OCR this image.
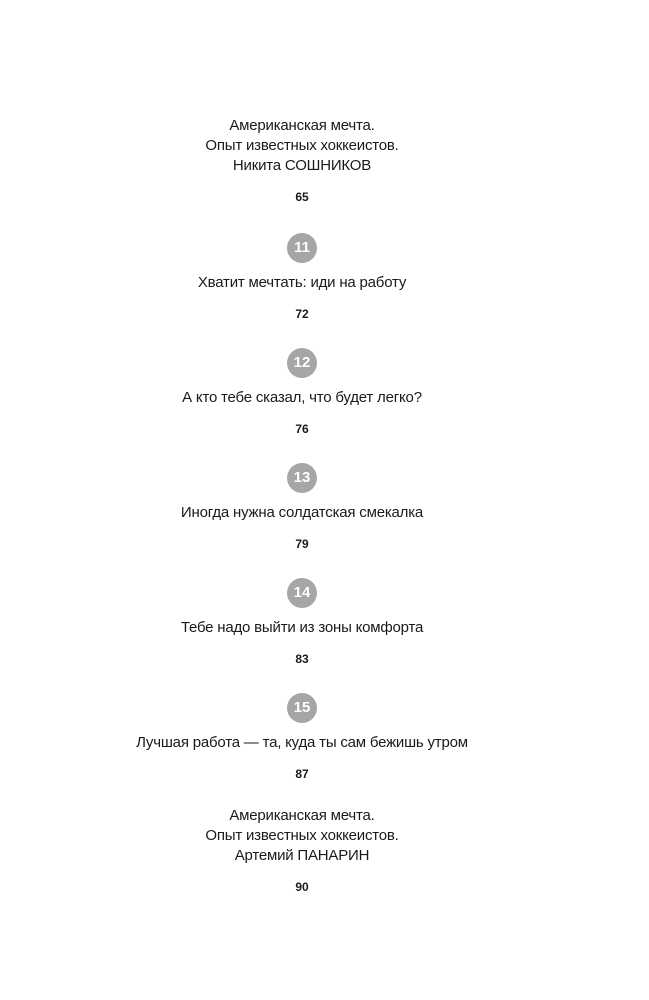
Американская мечта.
Опыт известных хоккеистов.
Никита СОШНИКОВ
65
11
Хватит мечтать: иди на работу
72
12
А кто тебе сказал, что будет легко?
76
13
Иногда нужна солдатская смекалка
79
14
Тебе надо выйти из зоны комфорта
83
15
Лучшая работа — та, куда ты сам бежишь утром
87
Американская мечта.
Опыт известных хоккеистов.
Артемий ПАНАРИН
90
